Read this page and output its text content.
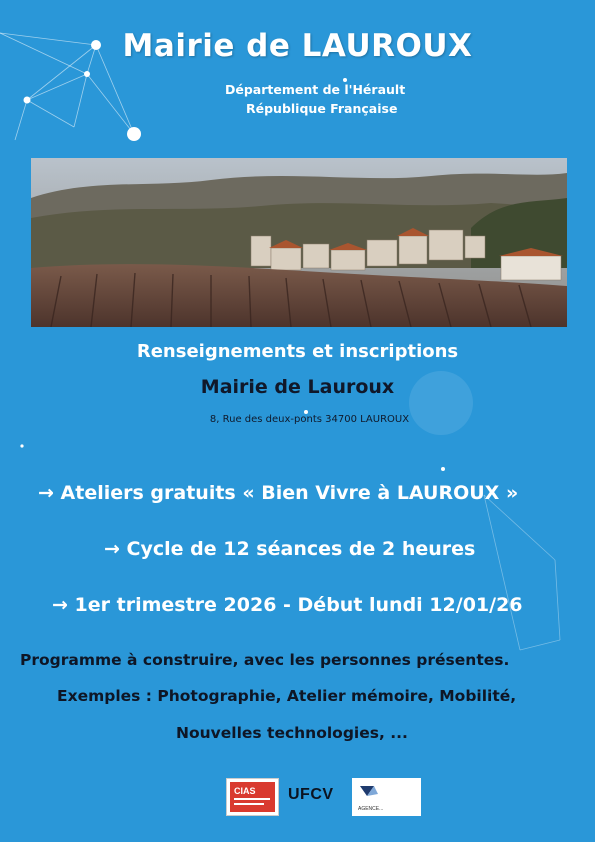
Mairie de LAUROUX
Département de l'Hérault
République Française
Renseignements et inscriptions
Mairie de Lauroux
8, Rue des deux-ponts 34700 LAUROUX
→ Ateliers gratuits « Bien Vivre à LAUROUX »
→ Cycle de 12 séances de 2 heures
→ 1er trimestre 2026 - Début lundi 12/01/26
Programme à construire, avec les personnes présentes.
Exemples : Photographie, Atelier mémoire, Mobilité,
Nouvelles technologies, ...
CIAS UFCV
AGENCE...
